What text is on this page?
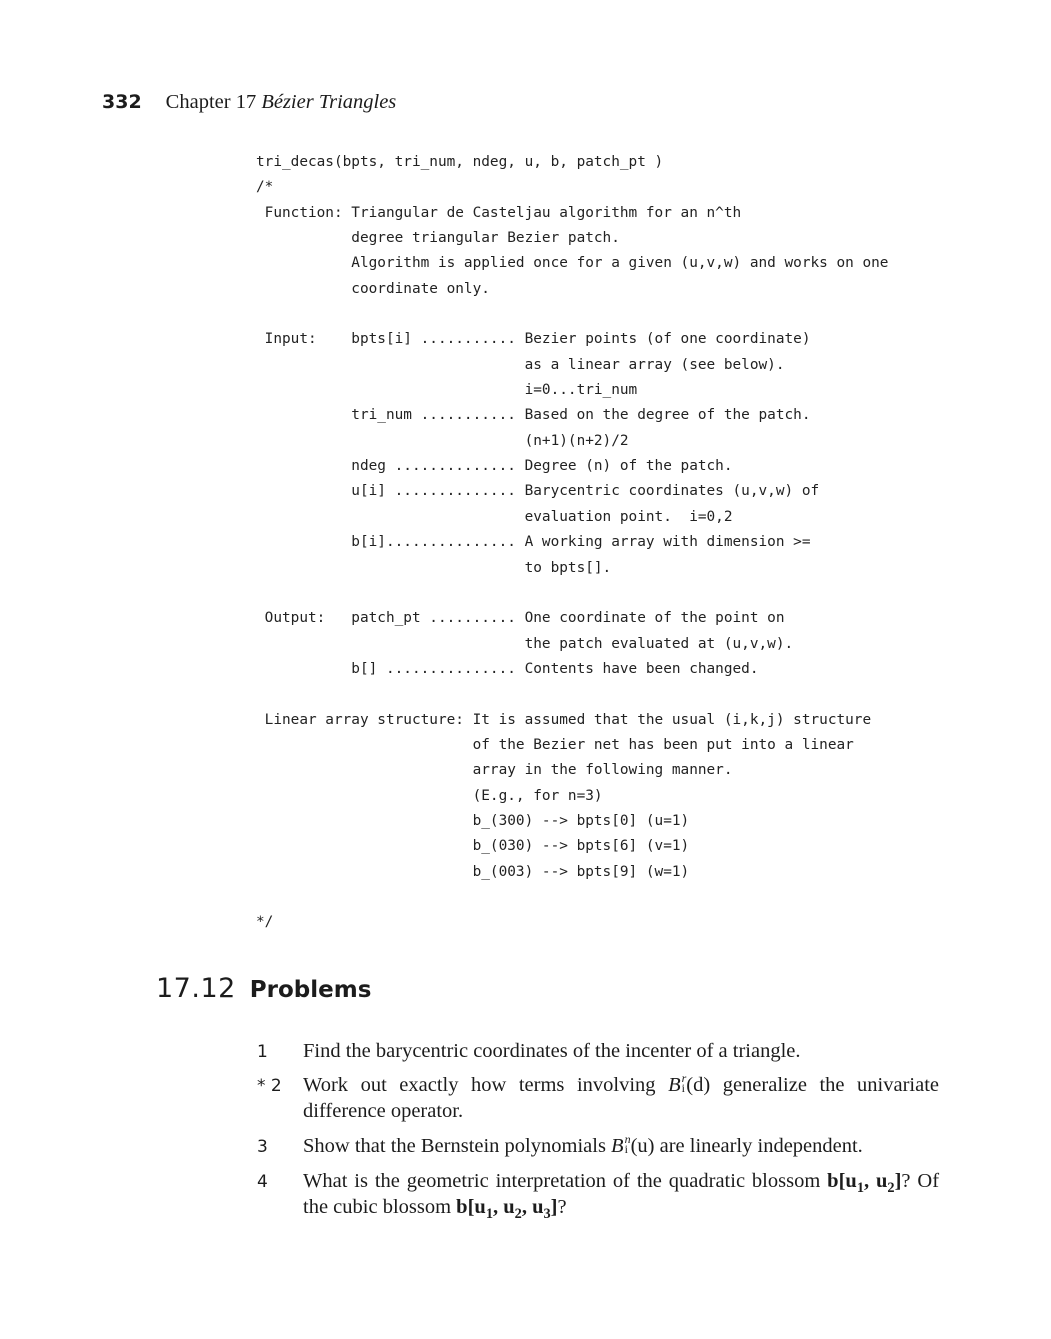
332 Chapter 17 Bézier Triangles
tri_decas(bpts, tri_num, ndeg, u, b, patch_pt )
/*
Function: Triangular de Casteljau algorithm for an n^th
degree triangular Bezier patch.
Algorithm is applied once for a given (u,v,w) and works on one
coordinate only.

Input:    bpts[i] ........... Bezier points (of one coordinate)
as a linear array (see below).
i=0...tri_num
tri_num ........... Based on the degree of the patch.
(n+1)(n+2)/2
ndeg .............. Degree (n) of the patch.
u[i] .............. Barycentric coordinates (u,v,w) of
evaluation point.  i=0,2
b[i]............... A working array with dimension >=
to bpts[].

Output:   patch_pt .......... One coordinate of the point on
the patch evaluated at (u,v,w).
b[] ............... Contents have been changed.

Linear array structure: It is assumed that the usual (i,k,j) structure
of the Bezier net has been put into a linear
array in the following manner.
(E.g., for n=3)
b_(300) --> bpts[0] (u=1)
b_(030) --> bpts[6] (v=1)
b_(003) --> bpts[9] (w=1)

*/
17.12 Problems
1	Find the barycentric coordinates of the incenter of a triangle.
* 2	Work out exactly how terms involving B r
i (d) generalize the univariate difference operator.
3	Show that the Bernstein polynomials B n
i (u) are linearly independent.
4	What is the geometric interpretation of the quadratic blossom $b[u_1$, $u_2$]? Of the cubic blossom $b[u_1$, $u_2$, $u_3$]?
